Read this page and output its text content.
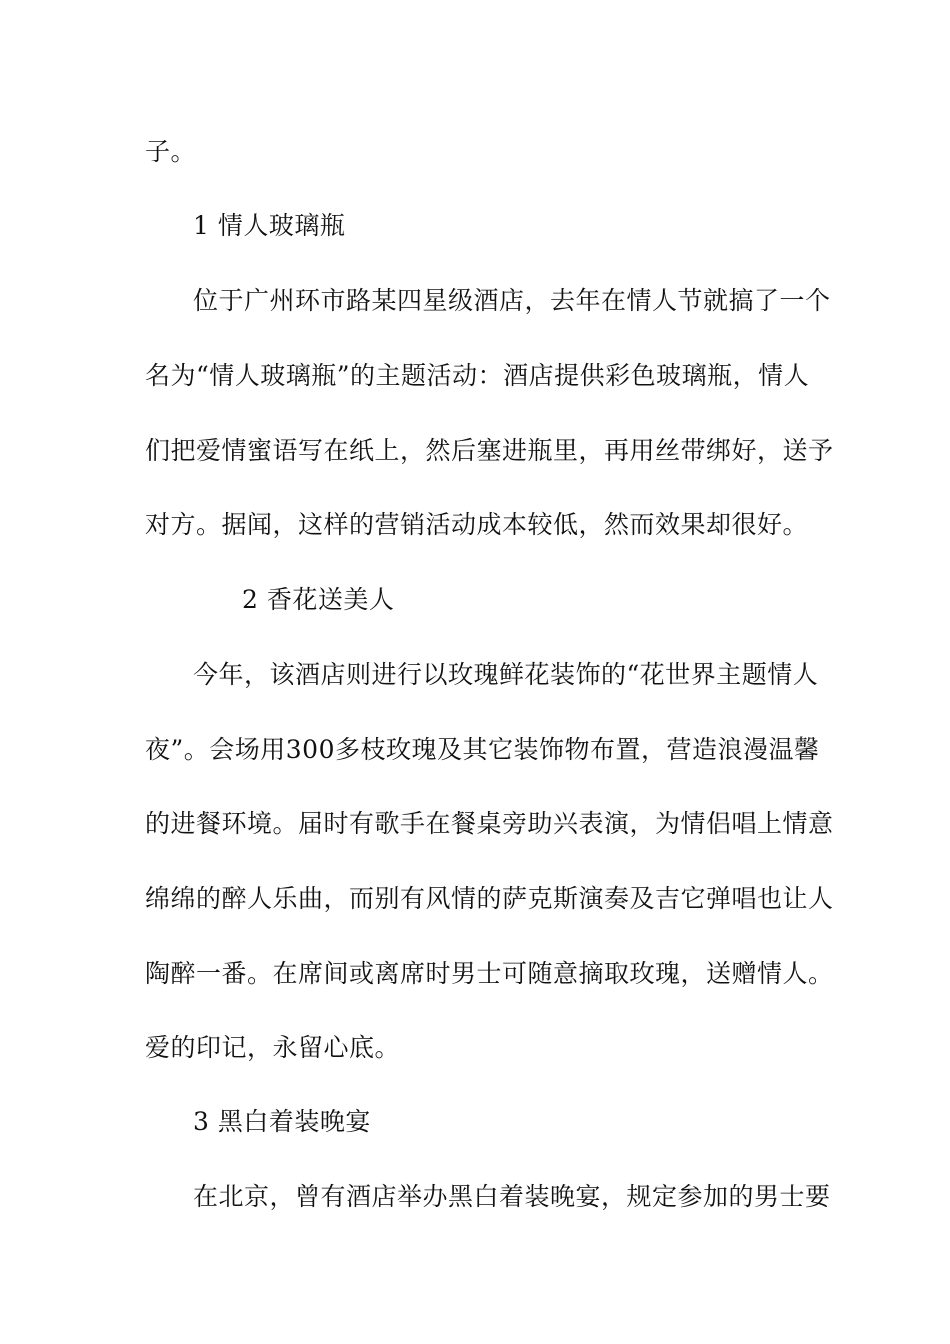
子。
1 情人玻璃瓶
位于广州环市路某四星级酒店，去年在情人节就搞了一个
名为“情人玻璃瓶”的主题活动：酒店提供彩色玻璃瓶，情人
们把爱情蜜语写在纸上，然后塞进瓶里，再用丝带绑好，送予
对方。据闻，这样的营销活动成本较低，然而效果却很好。
2 香花送美人
今年，该酒店则进行以玫瑰鲜花装饰的“花世界主题情人
夜”。会场用300多枝玫瑰及其它装饰物布置，营造浪漫温馨
的进餐环境。届时有歌手在餐桌旁助兴表演，为情侣唱上情意
绵绵的醉人乐曲，而别有风情的萨克斯演奏及吉它弹唱也让人
陶醉一番。在席间或离席时男士可随意摘取玫瑰，送赠情人。
爱的印记，永留心底。
3 黑白着装晚宴
在北京，曾有酒店举办黑白着装晚宴，规定参加的男士要
